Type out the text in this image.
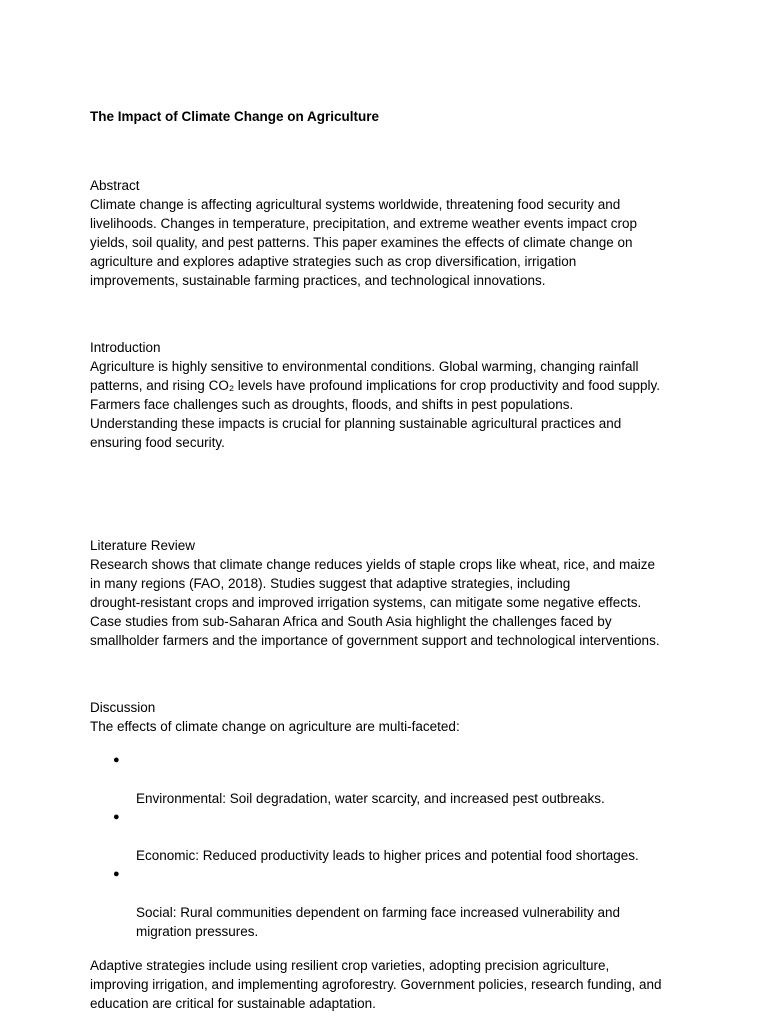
The Impact of Climate Change on Agriculture

Abstract

Climate change is affecting agricultural systems worldwide, threatening food security and
livelihoods. Changes in temperature, precipitation, and extreme weather events impact crop
yields, soil quality, and pest patterns. This paper examines the effects of climate change on
agriculture and explores adaptive strategies such as crop diversification, irrigation
improvements, sustainable farming practices, and technological innovations.

Introduction

Agriculture is highly sensitive to environmental conditions. Global warming, changing rainfall
patterns, and rising CO₂ levels have profound implications for crop productivity and food supply.
Farmers face challenges such as droughts, floods, and shifts in pest populations.
Understanding these impacts is crucial for planning sustainable agricultural practices and
ensuring food security.

Literature Review

Research shows that climate change reduces yields of staple crops like wheat, rice, and maize
in many regions (FAO, 2018). Studies suggest that adaptive strategies, including
drought-resistant crops and improved irrigation systems, can mitigate some negative effects.
Case studies from sub-Saharan Africa and South Asia highlight the challenges faced by
smallholder farmers and the importance of government support and technological interventions.

Discussion

The effects of climate change on agriculture are multi-faceted:

●

Environmental: Soil degradation, water scarcity, and increased pest outbreaks.

●

Economic: Reduced productivity leads to higher prices and potential food shortages.

●

Social: Rural communities dependent on farming face increased vulnerability and
migration pressures.

Adaptive strategies include using resilient crop varieties, adopting precision agriculture,
improving irrigation, and implementing agroforestry. Government policies, research funding, and
education are critical for sustainable adaptation.
